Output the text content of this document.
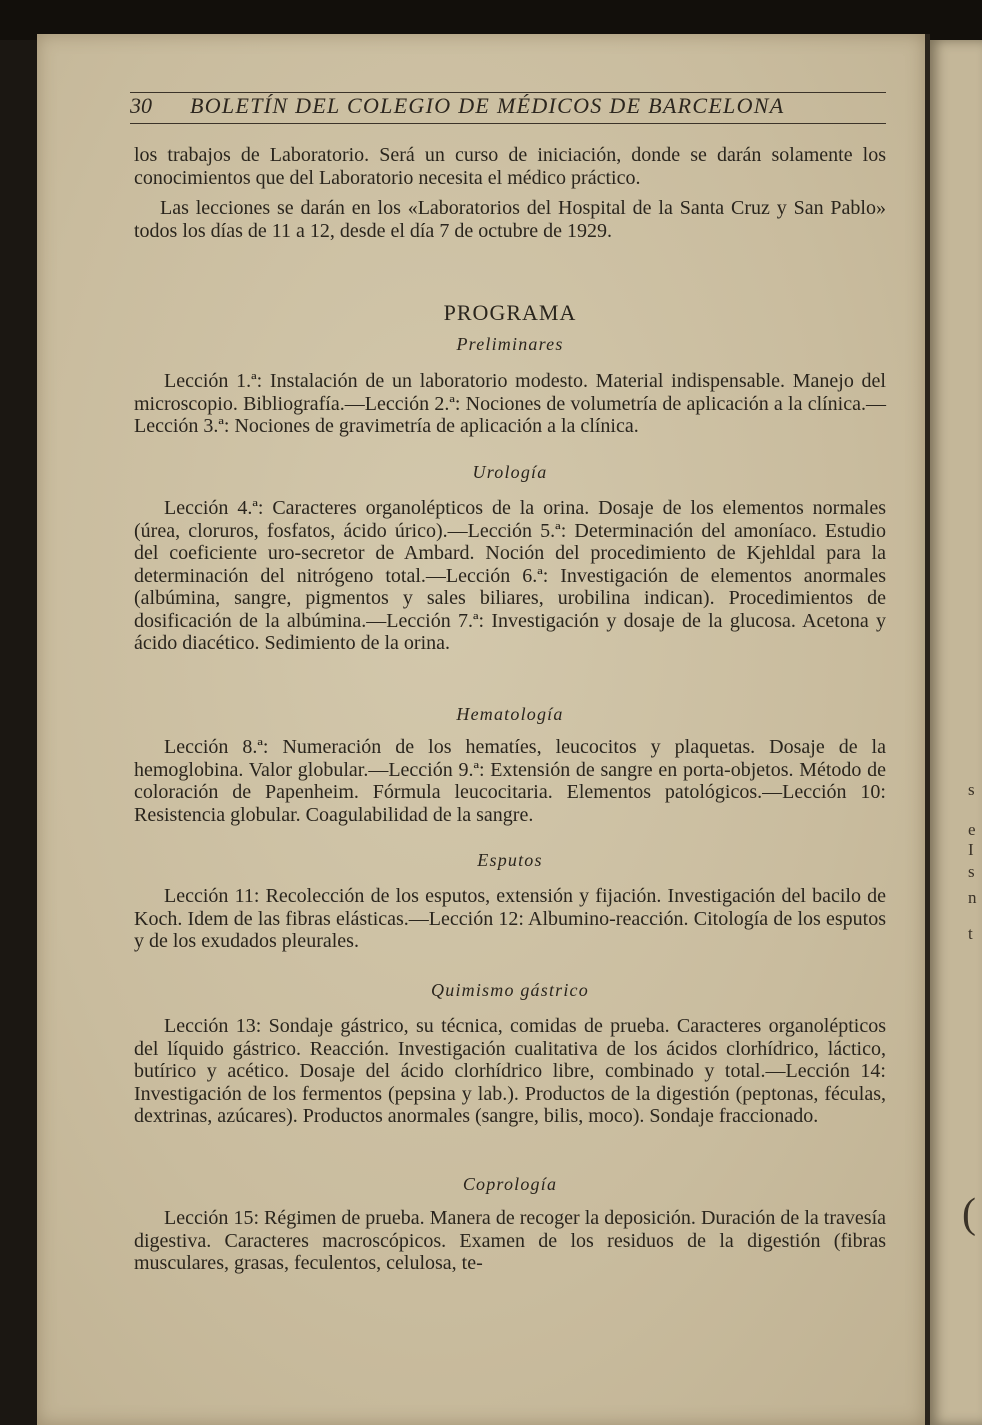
s
e
I
s
n
t
(
30 BOLETÍN DEL COLEGIO DE MÉDICOS DE BARCELONA

los trabajos de Laboratorio. Será un curso de iniciación, donde se darán solamente los conocimientos que del Laboratorio necesita el médico práctico.

Las lecciones se darán en los «Laboratorios del Hospital de la Santa Cruz y San Pablo» todos los días de 11 a 12, desde el día 7 de octubre de 1929.

PROGRAMA
Preliminares

Lección 1.ª: Instalación de un laboratorio modesto. Material indispensable. Manejo del microscopio. Bibliografía.—Lección 2.ª: Nociones de volumetría de aplicación a la clínica.—Lección 3.ª: Nociones de gravimetría de aplicación a la clínica.

Urología

Lección 4.ª: Caracteres organolépticos de la orina. Dosaje de los elementos normales (úrea, cloruros, fosfatos, ácido úrico).—Lección 5.ª: Determinación del amoníaco. Estudio del coeficiente uro-secretor de Ambard. Noción del procedimiento de Kjehldal para la determinación del nitrógeno total.—Lección 6.ª: Investigación de elementos anormales (albúmina, sangre, pigmentos y sales biliares, urobilina indican). Procedimientos de dosificación de la albúmina.—Lección 7.ª: Investigación y dosaje de la glucosa. Acetona y ácido diacético. Sedimiento de la orina.

Hematología

Lección 8.ª: Numeración de los hematíes, leucocitos y plaquetas. Dosaje de la hemoglobina. Valor globular.—Lección 9.ª: Extensión de sangre en porta-objetos. Método de coloración de Papenheim. Fórmula leucocitaria. Elementos patológicos.—Lección 10: Resistencia globular. Coagulabilidad de la sangre.

Esputos

Lección 11: Recolección de los esputos, extensión y fijación. Investigación del bacilo de Koch. Idem de las fibras elásticas.—Lección 12: Albumino-reacción. Citología de los esputos y de los exudados pleurales.

Quimismo gástrico

Lección 13: Sondaje gástrico, su técnica, comidas de prueba. Caracteres organolépticos del líquido gástrico. Reacción. Investigación cualitativa de los ácidos clorhídrico, láctico, butírico y acético. Dosaje del ácido clorhídrico libre, combinado y total.—Lección 14: Investigación de los fermentos (pepsina y lab.). Productos de la digestión (peptonas, féculas, dextrinas, azúcares). Productos anormales (sangre, bilis, moco). Sondaje fraccionado.

Coprología

Lección 15: Régimen de prueba. Manera de recoger la deposición. Duración de la travesía digestiva. Caracteres macroscópicos. Examen de los residuos de la digestión (fibras musculares, grasas, feculentos, celulosa, te-
